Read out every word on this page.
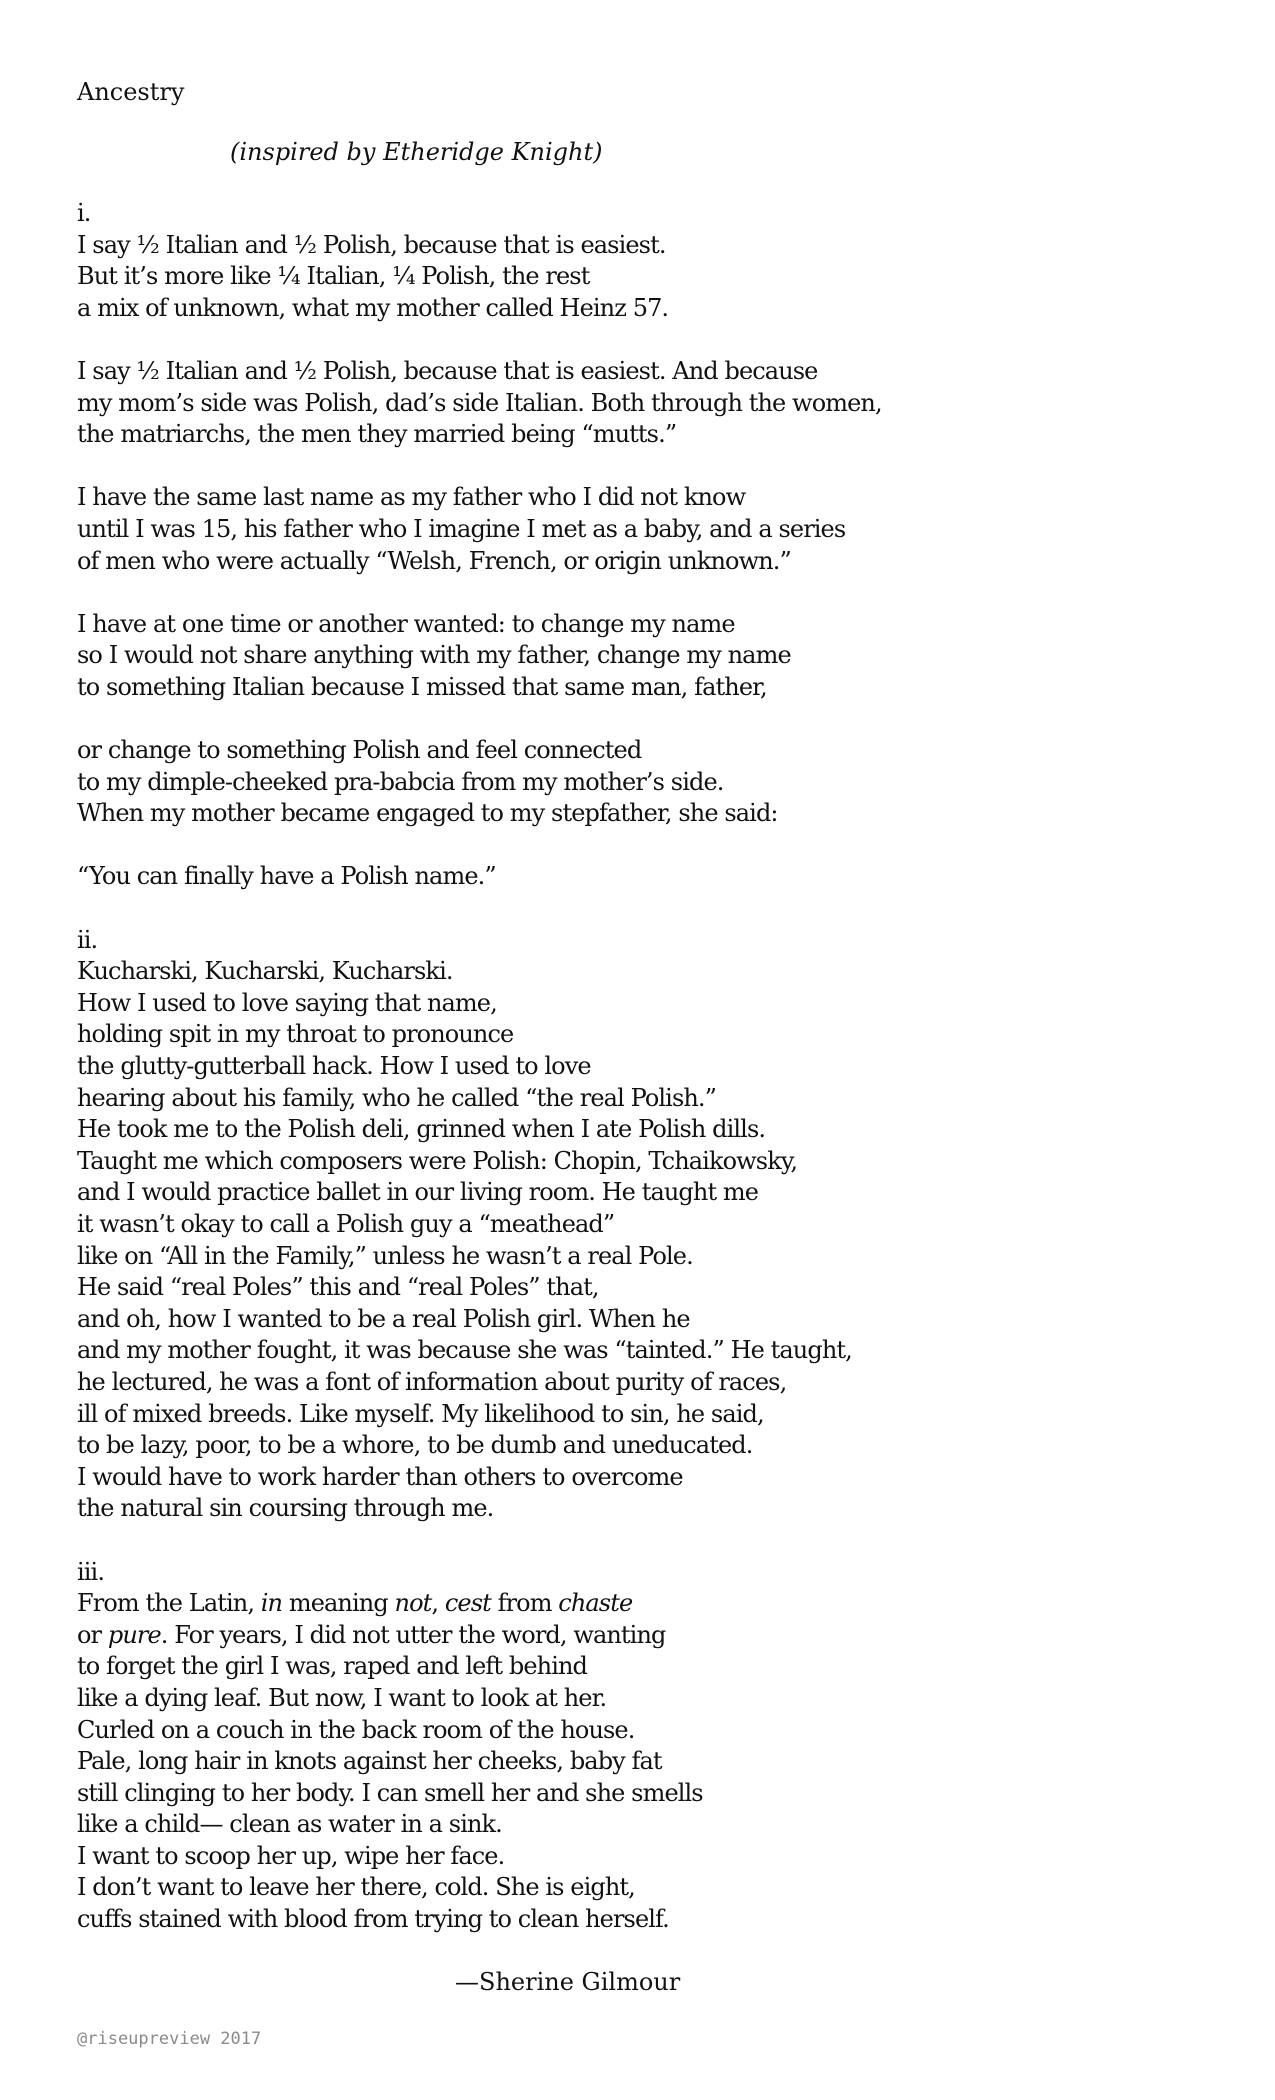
Ancestry
(inspired by Etheridge Knight)
i.
I say ½ Italian and ½ Polish, because that is easiest.
But it’s more like ¼ Italian, ¼ Polish, the rest
a mix of unknown, what my mother called Heinz 57.
I say ½ Italian and ½ Polish, because that is easiest. And because
my mom’s side was Polish, dad’s side Italian. Both through the women,
the matriarchs, the men they married being “mutts.”
I have the same last name as my father who I did not know
until I was 15, his father who I imagine I met as a baby, and a series
of men who were actually “Welsh, French, or origin unknown.”
I have at one time or another wanted: to change my name
so I would not share anything with my father, change my name
to something Italian because I missed that same man, father,
or change to something Polish and feel connected
to my dimple-cheeked pra-babcia from my mother’s side.
When my mother became engaged to my stepfather, she said:
“You can finally have a Polish name.”
ii.
Kucharski, Kucharski, Kucharski.
How I used to love saying that name,
holding spit in my throat to pronounce
the glutty-gutterball hack. How I used to love
hearing about his family, who he called “the real Polish.”
He took me to the Polish deli, grinned when I ate Polish dills.
Taught me which composers were Polish: Chopin, Tchaikowsky,
and I would practice ballet in our living room. He taught me
it wasn’t okay to call a Polish guy a “meathead”
like on “All in the Family,” unless he wasn’t a real Pole.
He said “real Poles” this and “real Poles” that,
and oh, how I wanted to be a real Polish girl. When he
and my mother fought, it was because she was “tainted.” He taught,
he lectured, he was a font of information about purity of races,
ill of mixed breeds. Like myself. My likelihood to sin, he said,
to be lazy, poor, to be a whore, to be dumb and uneducated.
I would have to work harder than others to overcome
the natural sin coursing through me.
iii.
From the Latin, in meaning not, cest from chaste
or pure. For years, I did not utter the word, wanting
to forget the girl I was, raped and left behind
like a dying leaf. But now, I want to look at her.
Curled on a couch in the back room of the house.
Pale, long hair in knots against her cheeks, baby fat
still clinging to her body. I can smell her and she smells
like a child— clean as water in a sink.
I want to scoop her up, wipe her face.
I don’t want to leave her there, cold. She is eight,
cuffs stained with blood from trying to clean herself.
—Sherine Gilmour
@riseupreview 2017
